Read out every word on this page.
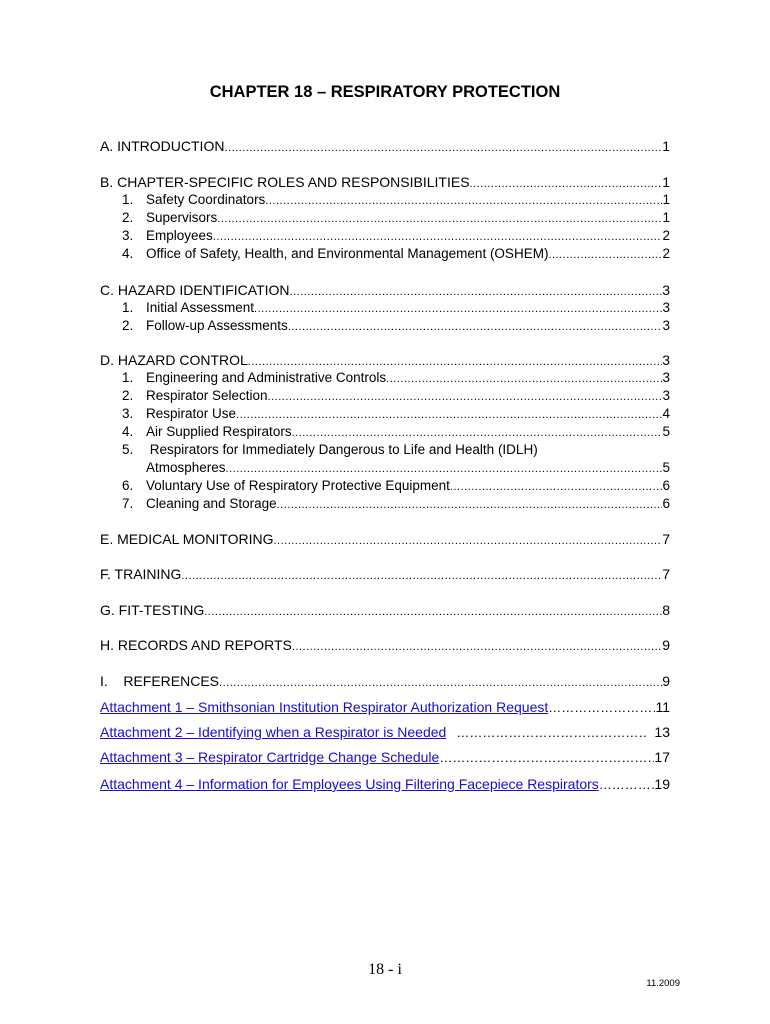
CHAPTER 18 – RESPIRATORY PROTECTION
A. INTRODUCTION .....	1
B. CHAPTER-SPECIFIC ROLES AND RESPONSIBILITIES .....	1
1. Safety Coordinators .....	1
2. Supervisors .....	1
3. Employees .....	2
4. Office of Safety, Health, and Environmental Management (OSHEM) .....	2
C. HAZARD IDENTIFICATION .....	3
1. Initial Assessment .....	3
2. Follow-up Assessments .....	3
D. HAZARD CONTROL .....	3
1. Engineering and Administrative Controls .....	3
2. Respirator Selection .....	3
3. Respirator Use .....	4
4. Air Supplied Respirators .....	5
5. Respirators for Immediately Dangerous to Life and Health (IDLH)
Atmospheres .....	5
6. Voluntary Use of Respiratory Protective Equipment .....	6
7. Cleaning and Storage .....	6
E. MEDICAL MONITORING .....	7
F. TRAINING .....	7
G. FIT-TESTING .....	8
H. RECORDS AND REPORTS .....	9
I.    REFERENCES .....	9
Attachment 1 – Smithsonian Institution Respirator Authorization Request ……………………………………………………………………………………………………………………………	11
Attachment 2 – Identifying when a Respirator is Needed ……………………………………………………………………………………………………………………………	13
Attachment 3 – Respirator Cartridge Change Schedule ……………………………………………………………………………………………………………………………	17
Attachment 4 – Information for Employees Using Filtering Facepiece Respirators ……………………………………………………………………………………………………………………………	19
18 - i
11.2009
